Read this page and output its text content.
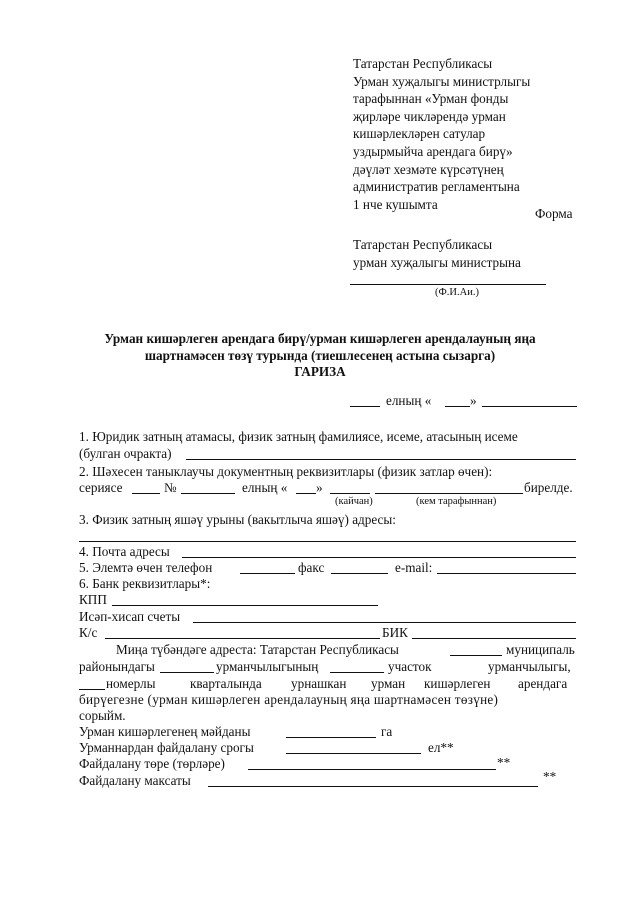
Татарстан Республикасы
Урман хуҗалыгы министрлыгы
тарафыннан «Урман фонды
җирләре чикләрендә урман
кишәрлекләрен сатулар
уздырмыйча арендага бирү»
дәүләт хезмәте күрсәтүнең
административ регламентына
1 нче кушымта
Форма
Татарстан Республикасы
урман хуҗалыгы министрына
(Ф.И.Аи.)
Урман кишәрлеген арендага бирү/урман кишәрлеген арендалауның яңа
шартнамәсен төзү турында (тиешлесенең астына сызарга)
ГАРИЗА
елның «	»
1. Юридик затның атамасы, физик затның фамилиясе, исеме, атасының исеме
(булган очракта)
2. Шәхесен таныклаучы документның реквизитлары (физик затлар өчен):
сериясе	№	елның « »	бирелде.
(кайчан)	(кем тарафыннан)
3. Физик затның яшәү урыны (вакытлыча яшәү) адресы:
4. Почта адресы
5. Элемтә өчен телефон	факс	e-mail:
6. Банк реквизитлары*:
КПП
Исәп-хисап счеты
К/с	БИК
Миңа түбәндәге адреста: Татарстан Республикасы	муниципаль
районындагы	урманчылыгының	участок	урманчылыгы,
номерлы	кварталында урнашкан урман кишәрлеген арендага
бирүегезне (урман кишәрлеген арендалауның яңа шартнамәсен төзүне)
сорыйм.
Урман кишәрлегенең мәйданы	га
Урманнардан файдалану срогы	ел**
Файдалану төре (төрләре)	**
Файдалану максаты	**
